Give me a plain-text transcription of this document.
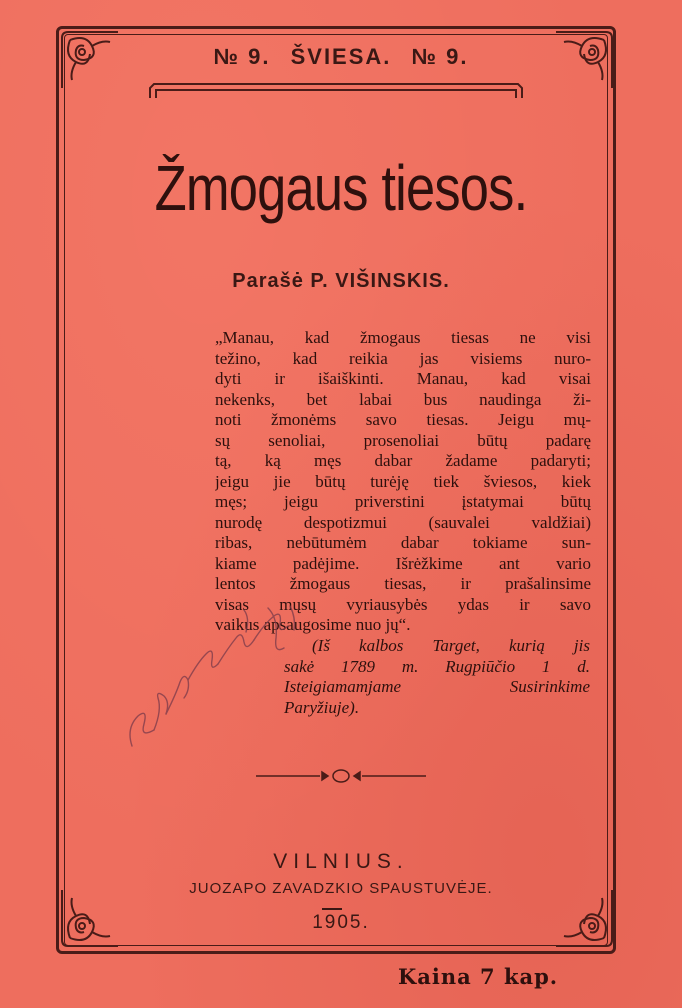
№ 9. ŠVIESA. № 9.
Žmogaus tiesos.
Parašė P. VIŠINSKIS.
„Manau, kad žmogaus tiesas ne visi
težino, kad reikia jas visiems nuro-
dyti ir išaiškinti. Manau, kad visai
nekenks, bet labai bus naudinga ži-
noti žmonėms savo tiesas. Jeigu mų-
sų senoliai, prosenoliai būtų padarę
tą, ką męs dabar žadame padaryti;
jeigu jie būtų turėję tiek šviesos, kiek
męs; jeigu priverstini įstatymai būtų
nurodę despotizmui (sauvalei valdžiai)
ribas, nebūtumėm dabar tokiame sun-
kiame padėjime. Išrėžkime ant vario
lentos žmogaus tiesas, ir prašalinsime
visas mųsų vyriausybės ydas ir savo
vaikus apsaugosime nuo jų“.
(Iš kalbos Target, kurią jis
sakė 1789 m. Rugpiūčio 1 d.
Isteigiamamjame Susirinkime
Paryžiuje).
VILNIUS.
JUOZAPO ZAVADZKIO SPAUSTUVĖJE.
1905.
Kaina 7 kap.
